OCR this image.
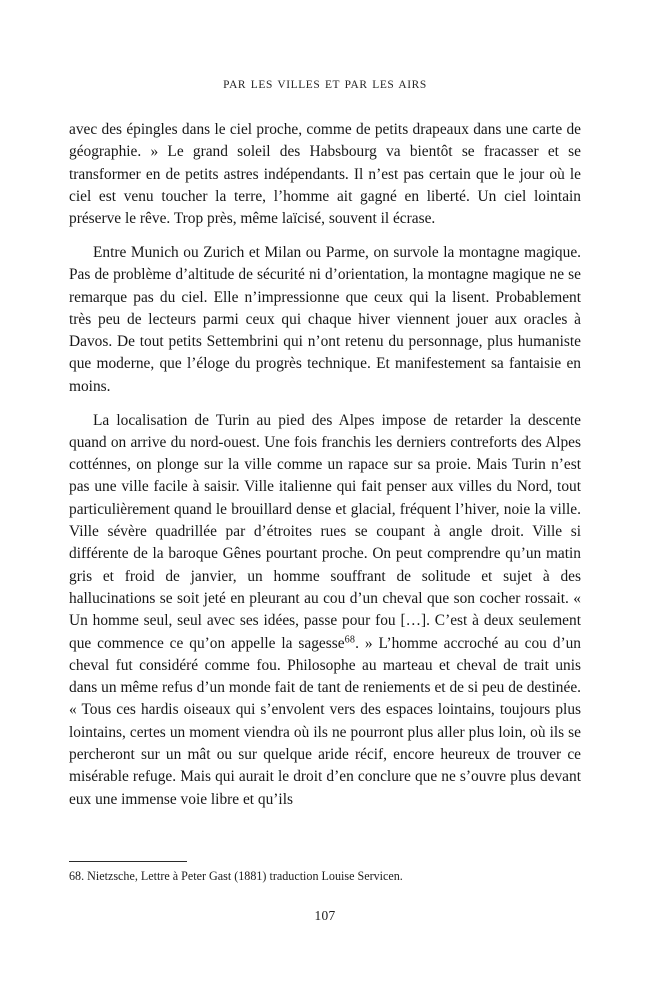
PAR LES VILLES ET PAR LES AIRS

avec des épingles dans le ciel proche, comme de petits drapeaux dans une carte de géographie. » Le grand soleil des Habsbourg va bientôt se fracasser et se transformer en de petits astres indépendants. Il n’est pas certain que le jour où le ciel est venu toucher la terre, l’homme ait gagné en liberté. Un ciel lointain préserve le rêve. Trop près, même laïcisé, souvent il écrase.

Entre Munich ou Zurich et Milan ou Parme, on survole la montagne magique. Pas de problème d’altitude de sécurité ni d’orientation, la montagne magique ne se remarque pas du ciel. Elle n’impressionne que ceux qui la lisent. Probablement très peu de lecteurs parmi ceux qui chaque hiver viennent jouer aux oracles à Davos. De tout petits Settembrini qui n’ont retenu du personnage, plus humaniste que moderne, que l’éloge du progrès technique. Et manifestement sa fantaisie en moins.

La localisation de Turin au pied des Alpes impose de retarder la descente quand on arrive du nord-ouest. Une fois franchis les derniers contreforts des Alpes cotténnes, on plonge sur la ville comme un rapace sur sa proie. Mais Turin n’est pas une ville facile à saisir. Ville italienne qui fait penser aux villes du Nord, tout particulièrement quand le brouillard dense et glacial, fréquent l’hiver, noie la ville. Ville sévère quadrillée par d’étroites rues se coupant à angle droit. Ville si différente de la baroque Gênes pourtant proche. On peut comprendre qu’un matin gris et froid de janvier, un homme souffrant de solitude et sujet à des hallucinations se soit jeté en pleurant au cou d’un cheval que son cocher rossait. « Un homme seul, seul avec ses idées, passe pour fou […]. C’est à deux seulement que commence ce qu’on appelle la sagesse$^{68}$. » L’homme accroché au cou d’un cheval fut considéré comme fou. Philosophe au marteau et cheval de trait unis dans un même refus d’un monde fait de tant de reniements et de si peu de destinée. « Tous ces hardis oiseaux qui s’envolent vers des espaces lointains, toujours plus lointains, certes un moment viendra où ils ne pourront plus aller plus loin, où ils se percheront sur un mât ou sur quelque aride récif, encore heureux de trouver ce misérable refuge. Mais qui aurait le droit d’en conclure que ne s’ouvre plus devant eux une immense voie libre et qu’ils

68. Nietzsche, Lettre à Peter Gast (1881) traduction Louise Servicen.
107
